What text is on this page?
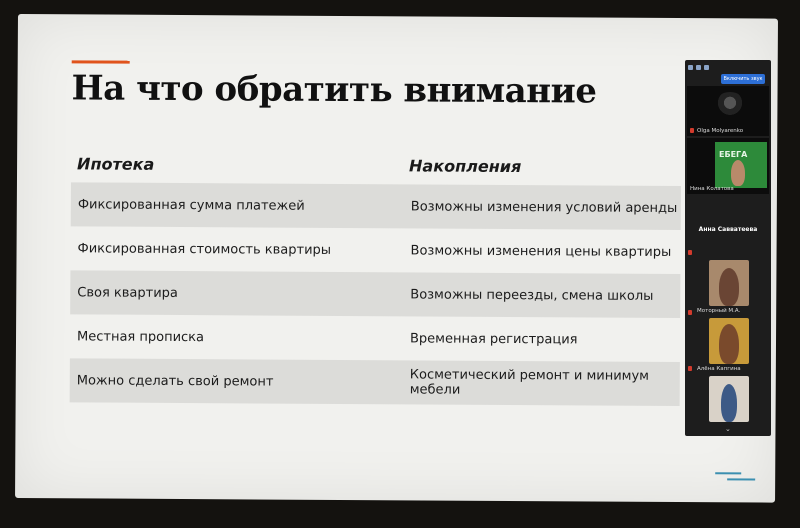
На что обратить внимание
Ипотека	Накопления
Фиксированная сумма платежей	Возможны изменения условий аренды
Фиксированная стоимость квартиры	Возможны изменения цены квартиры
Своя квартира	Возможны переезды, смена школы
Местная прописка	Временная регистрация
Можно сделать свой ремонт	Косметический ремонт и минимум мебели
Включить звук
Olga Molyarenko
ЕБЕГА
Нина Колатова
Анна Савватеева
Моторный М.А.
Алёна Капгина
⌄
